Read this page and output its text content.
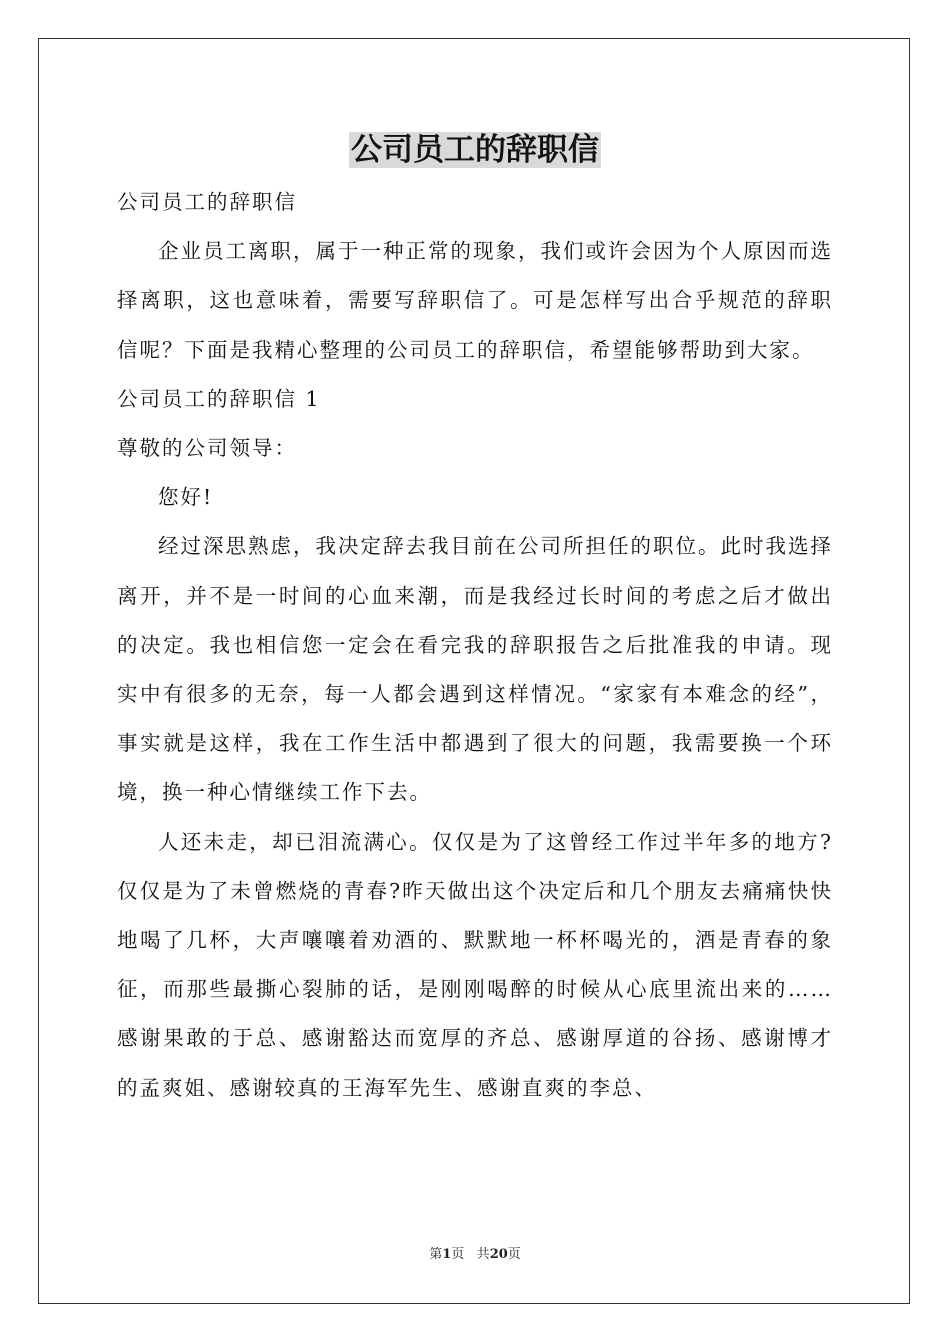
公司员工的辞职信

公司员工的辞职信

企业员工离职，属于一种正常的现象，我们或许会因为个人原因而选择离职，这也意味着，需要写辞职信了。可是怎样写出合乎规范的辞职信呢？下面是我精心整理的公司员工的辞职信，希望能够帮助到大家。

公司员工的辞职信 1

尊敬的公司领导：

您好!

经过深思熟虑，我决定辞去我目前在公司所担任的职位。此时我选择离开，并不是一时间的心血来潮，而是我经过长时间的考虑之后才做出的决定。我也相信您一定会在看完我的辞职报告之后批准我的申请。现实中有很多的无奈，每一人都会遇到这样情况。“家家有本难念的经”，事实就是这样，我在工作生活中都遇到了很大的问题，我需要换一个环境，换一种心情继续工作下去。

人还未走，却已泪流满心。仅仅是为了这曾经工作过半年多的地方?仅仅是为了未曾燃烧的青春?昨天做出这个决定后和几个朋友去痛痛快快地喝了几杯，大声嚷嚷着劝酒的、默默地一杯杯喝光的，酒是青春的象征，而那些最撕心裂肺的话，是刚刚喝醉的时候从心底里流出来的……感谢果敢的于总、感谢豁达而宽厚的齐总、感谢厚道的谷扬、感谢博才的孟爽姐、感谢较真的王海军先生、感谢直爽的李总、

第1页 共20页
